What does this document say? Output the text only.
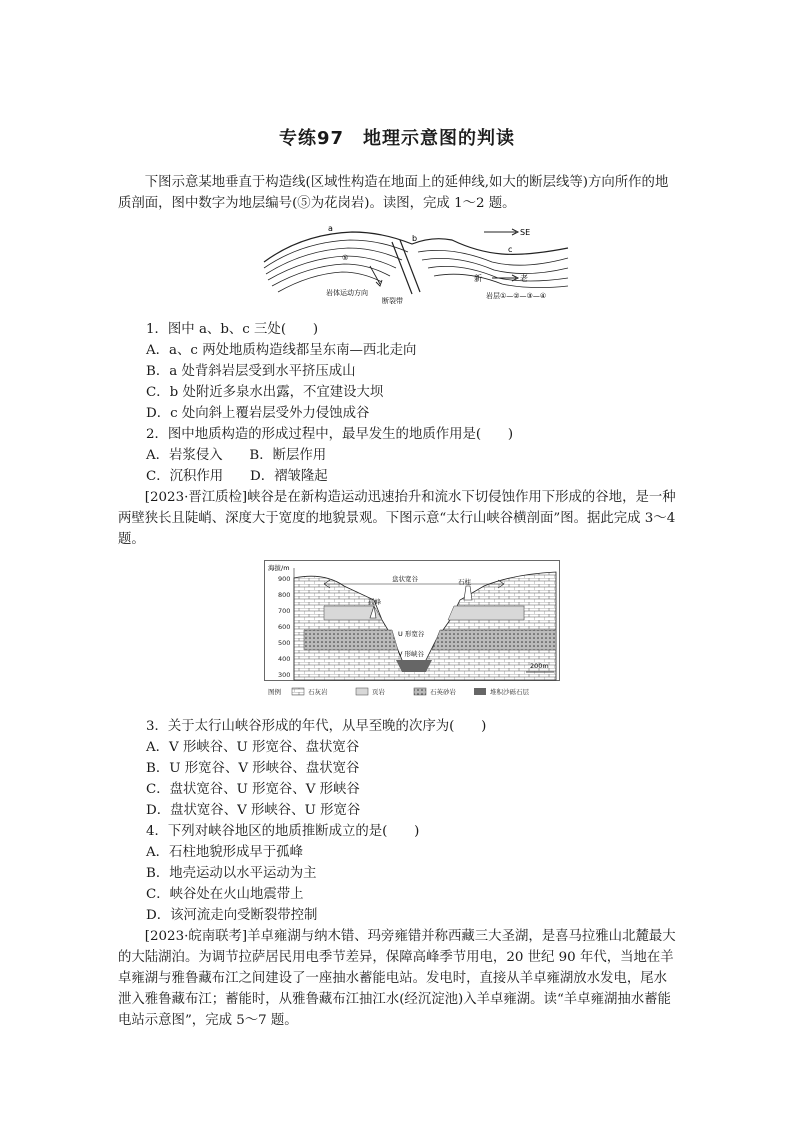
专练97　地理示意图的判读
下图示意某地垂直于构造线(区域性构造在地面上的延伸线,如大的断层线等)方向所作的地质剖面，图中数字为地层编号(⑤为花岗岩)。读图，完成 1～2 题。
a
b
c
SE
⑤
岩体运动方向
断裂带
新	老
岩层①—②—③—④
1．图中 a、b、c 三处(　　)
A．a、c 两处地质构造线都呈东南—西北走向
B．a 处背斜岩层受到水平挤压成山
C．b 处附近多泉水出露，不宜建设大坝
D．c 处向斜上覆岩层受外力侵蚀成谷
2．图中地质构造的形成过程中，最早发生的地质作用是(　　)
A．岩浆侵入　　B．断层作用
C．沉积作用　　D．褶皱隆起
[2023·晋江质检]峡谷是在新构造运动迅速抬升和流水下切侵蚀作用下形成的谷地，是一种两壁狭长且陡峭、深度大于宽度的地貌景观。下图示意“太行山峡谷横剖面”图。据此完成 3～4 题。
海拔/m
900
800
700
600
500
400
300
盘状宽谷
孤峰
石柱
U 形宽谷
V 形峡谷
200m
图例	石灰岩	页岩	石英砂岩	堆积沙砾石层
3．关于太行山峡谷形成的年代，从早至晚的次序为(　　)
A．V 形峡谷、U 形宽谷、盘状宽谷
B．U 形宽谷、V 形峡谷、盘状宽谷
C．盘状宽谷、U 形宽谷、V 形峡谷
D．盘状宽谷、V 形峡谷、U 形宽谷
4．下列对峡谷地区的地质推断成立的是(　　)
A．石柱地貌形成早于孤峰
B．地壳运动以水平运动为主
C．峡谷处在火山地震带上
D．该河流走向受断裂带控制
[2023·皖南联考]羊卓雍湖与纳木错、玛旁雍错并称西藏三大圣湖，是喜马拉雅山北麓最大的大陆湖泊。为调节拉萨居民用电季节差异，保障高峰季节用电，20 世纪 90 年代，当地在羊卓雍湖与雅鲁藏布江之间建设了一座抽水蓄能电站。发电时，直接从羊卓雍湖放水发电，尾水泄入雅鲁藏布江；蓄能时，从雅鲁藏布江抽江水(经沉淀池)入羊卓雍湖。读“羊卓雍湖抽水蓄能电站示意图”，完成 5～7 题。
